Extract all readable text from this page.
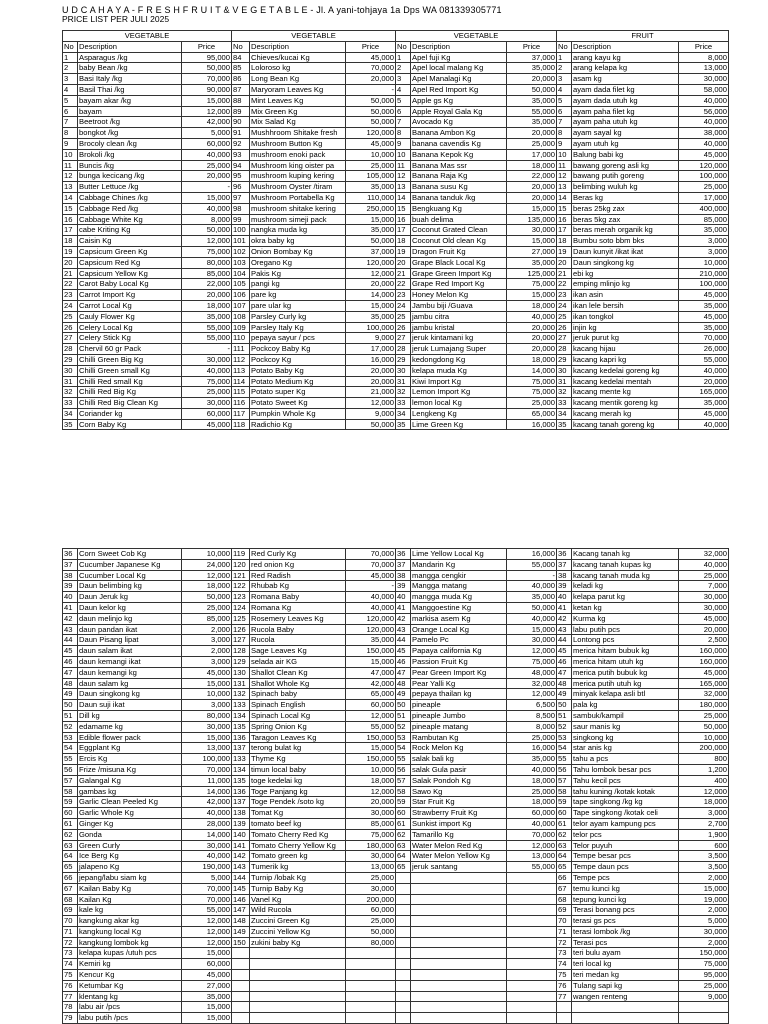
U D C A H A Y A - F R E S H F R U I T & V E G E T A B L E - Jl. A yani-tohjaya 1a Dps WA 081339305771
PRICE LIST PER JULI 2025
VEGETABLE			VEGETABLE			VEGETABLE			FRUIT		
No	Description	Price	No	Description	Price	No	Description	Price	No	Description	Price
1	Asparagus /kg	95,000	84	Chieves/kucai Kg	45,000	1	Apel fuji Kg	37,000	1	arang kayu kg	8,000
2	baby Bean /kg	50,000	85	Loloroso kg	70,000	2	Apel local malang Kg	35,000	2	arang kelapa kg	13,000
3	Basi Italy /kg	70,000	86	Long Bean Kg	20,000	3	Apel Manalagi Kg	20,000	3	asam kg	30,000
4	Basil Thai /kg	90,000	87	Maryoram Leaves Kg	-	4	Apel Red Import Kg	50,000	4	ayam dada filet kg	58,000
5	bayam akar /kg	15,000	88	Mint Leaves Kg	50,000	5	Apple gs Kg	35,000	5	ayam dada utuh kg	40,000
6	bayam	12,000	89	Mix Green Kg	50,000	6	Apple Royal Gala Kg	55,000	6	ayam paha filet kg	56,000
7	Beetroot /kg	42,000	90	Mix Salad Kg	50,000	7	Avocado Kg	35,000	7	ayam paha utuh kg	40,000
8	bongkot /kg	5,000	91	Mushhroom Shitake fresh	120,000	8	Banana Ambon Kg	20,000	8	ayam sayal kg	38,000
9	Brocoly clean /kg	60,000	92	Mushroom Button Kg	45,000	9	banana cavendis Kg	25,000	9	ayam utuh kg	40,000
10	Brokoli /kg	40,000	93	mushroom enoki pack	10,000	10	Banana Kepok Kg	17,000	10	Balung babi kg	45,000
11	Buncis /kg	25,000	94	Mushroom king oister pa	25,000	11	Banana Mas ssr	18,000	11	bawang goreng asli kg	120,000
12	bunga kecicang /kg	20,000	95	mushroom kuping kering	105,000	12	Banana Raja Kg	22,000	12	bawang putih goreng	100,000
13	Butter Lettuce /kg	-	96	Mushroom Oyster /tiram	35,000	13	Banana susu Kg	20,000	13	belimbing wuluh kg	25,000
14	Cabbage Chines /kg	15,000	97	Mushroom Portabella Kg	110,000	14	Banana tanduk /kg	20,000	14	Beras kg	17,000
15	Cabbage Red /kg	40,000	98	mushroom shitake kering	250,000	15	Bengkuang Kg	15,000	15	beras 25kg zax	400,000
16	Cabbage White Kg	8,000	99	mushroom simeji pack	15,000	16	buah delima	135,000	16	beras 5kg zax	85,000
17	cabe Kriting Kg	50,000	100	nangka muda kg	35,000	17	Coconut Grated Clean	30,000	17	beras merah organik kg	35,000
18	Caisin Kg	12,000	101	okra baby kg	50,000	18	Coconut Old clean Kg	15,000	18	Bumbu soto bbm bks	3,000
19	Capsicum Green Kg	75,000	102	Onion Bombay Kg	37,000	19	Dragon Fruit Kg	27,000	19	Daun kunyit /ikat ikat	3,000
20	Capsicum Red Kg	80,000	103	Oregano Kg	120,000	20	Grape Black Local Kg	35,000	20	Daun singkong kg	10,000
21	Capsicum Yellow Kg	85,000	104	Pakis Kg	12,000	21	Grape Green Import Kg	125,000	21	ebi kg	210,000
22	Carot Baby Local Kg	22,000	105	pangi kg	20,000	22	Grape Red Import Kg	75,000	22	emping mlinjo kg	100,000
23	Carrot Import Kg	20,000	106	pare kg	14,000	23	Honey Melon Kg	15,000	23	ikan asin	45,000
24	Carrot Local Kg	18,000	107	pare ular kg	15,000	24	Jambu biji /Guava	18,000	24	ikan lele bersih	35,000
25	Cauly Flower Kg	35,000	108	Parsley Curly kg	35,000	25	jambu citra	40,000	25	ikan tongkol	45,000
26	Celery Local Kg	55,000	109	Parsley Italy Kg	100,000	26	jambu kristal	20,000	26	injin kg	35,000
27	Celery Stick Kg	55,000	110	pepaya sayur / pcs	9,000	27	jeruk kintamani kg	20,000	27	jeruk purut kg	70,000
28	Chervil 60 gr Pack	-	111	Pockcoy Baby Kg	17,000	28	jeruk Lumajang Super	20,000	28	kacang hijau	26,000
29	Chilli Green Big Kg	30,000	112	Pockcoy Kg	16,000	29	kedongdong Kg	18,000	29	kacang kapri kg	55,000
30	Chilli Green small Kg	40,000	113	Potato Baby Kg	20,000	30	kelapa muda Kg	14,000	30	kacang kedelai goreng kg	40,000
31	Chilli Red small Kg	75,000	114	Potato Medium Kg	20,000	31	Kiwi Import Kg	75,000	31	kacang kedelai mentah	20,000
32	Chilli Red Big Kg	25,000	115	Potato super Kg	21,000	32	Lemon Import Kg	75,000	32	kacang mente kg	165,000
33	Chilli Red Big Clean Kg	30,000	116	Potato Sweet Kg	12,000	33	lemon local Kg	25,000	33	kacang mentik goreng kg	35,000
34	Coriander kg	60,000	117	Pumpkin Whole Kg	9,000	34	Lengkeng Kg	65,000	34	kacang merah kg	45,000
35	Corn Baby Kg	45,000	118	Radichio Kg	50,000	35	Lime Green Kg	16,000	35	kacang tanah goreng kg	40,000
36	Corn Sweet Cob Kg	10,000	119	Red Curly Kg	70,000	36	Lime Yellow Local Kg	16,000	36	Kacang tanah kg	32,000
37	Cucumber Japanese Kg	24,000	120	red onion Kg	70,000	37	Mandarin Kg	55,000	37	kacang tanah kupas kg	40,000
38	Cucumber Local Kg	12,000	121	Red Radish	45,000	38	mangga cengkir	-	38	kacang tanah muda kg	25,000
39	Daun belimbing kg	18,000	122	Rhubab Kg	-	39	Mangga matang	40,000	39	keladi kg	7,000
40	Daun Jeruk kg	50,000	123	Romana Baby	40,000	40	mangga muda Kg	35,000	40	kelapa parut kg	30,000
41	Daun kelor kg	25,000	124	Romana Kg	40,000	41	Manggoestine Kg	50,000	41	ketan kg	30,000
42	daun melinjo kg	85,000	125	Rosemery Leaves Kg	120,000	42	markisa asem Kg	40,000	42	Kurma kg	45,000
43	daun pandan ikat	2,000	126	Rucola Baby	120,000	43	Orange Local Kg	15,000	43	labu putih pcs	20,000
44	Daun Pisang lipat	3,000	127	Rucola	35,000	44	Pamelo Pc	30,000	44	Lontong pcs	2,500
45	daun salam ikat	2,000	128	Sage Leaves Kg	150,000	45	Papaya california Kg	12,000	45	merica hitam bubuk kg	160,000
46	daun kemangi ikat	3,000	129	selada air KG	15,000	46	Passion Fruit Kg	75,000	46	merica hitam utuh kg	160,000
47	daun kemangi kg	45,000	130	Shallot Clean Kg	47,000	47	Pear Green Import Kg	48,000	47	merica putih bubuk kg	45,000
48	daun salam kg	15,000	131	Shallot Whole Kg	42,000	48	Pear Yalli Kg	32,000	48	merica putih utuh kg	165,000
49	Daun singkong kg	10,000	132	Spinach baby	65,000	49	pepaya thailan kg	12,000	49	minyak kelapa asli btl	32,000
50	Daun suji ikat	3,000	133	Spinach English	60,000	50	pineaple	6,500	50	pala kg	180,000
51	Dill kg	80,000	134	Spinach Local Kg	12,000	51	pineaple Jumbo	8,500	51	sambuk/kampil	25,000
52	edamame kg	30,000	135	Spring Onion Kg	55,000	52	pineaple matang	8,000	52	saur manis kg	50,000
53	Edible flower pack	15,000	136	Taragon Leaves Kg	150,000	53	Rambutan Kg	25,000	53	singkong kg	10,000
54	Eggplant Kg	13,000	137	terong bulat kg	15,000	54	Rock Melon Kg	16,000	54	star anis kg	200,000
55	Ercis Kg	100,000	133	Thyme Kg	150,000	55	salak bali kg	35,000	55	tahu a pcs	800
56	Frize /misuna Kg	70,000	134	timun local baby	10,000	56	salak Gula pasir	40,000	56	Tahu lombok besar pcs	1,200
57	Galangal Kg	11,000	135	toge kedelai kg	18,000	57	Salak Pondoh Kg	18,000	57	Tahu kecil pcs	400
58	gambas kg	14,000	136	Toge Panjang kg	12,000	58	Sawo Kg	25,000	58	tahu kuning /kotak kotak	12,000
59	Garlic Clean Peeled Kg	42,000	137	Toge Pendek /soto kg	20,000	59	Star Fruit Kg	18,000	59	tape singkong /kg kg	18,000
60	Garlic Whole Kg	40,000	138	Tomat Kg	30,000	60	Strawberry Fruit Kg	60,000	60	Tape singkong /kotak celi	3,000
61	Ginger Kg	28,000	139	tomato beef kg	85,000	61	Sunkist import Kg	40,000	61	telor ayam kampung pcs	2,700
62	Gonda	14,000	140	Tomato Cherry Red Kg	75,000	62	Tamarillo Kg	70,000	62	telor pcs	1,900
63	Green Curly	30,000	141	Tomato Cherry Yellow Kg	180,000	63	Water Melon Red Kg	12,000	63	Telor puyuh	600
64	Ice Berg Kg	40,000	142	Tomato green kg	30,000	64	Water Melon Yellow Kg	13,000	64	Tempe besar pcs	3,500
65	jalapeno Kg	190,000	143	Tumerik kg	13,000	65	jeruk santang	55,000	65	Tempe daun pcs	3,500
66	jepang/labu siam kg	5,000	144	Turnip /lobak Kg	25,000				66	Tempe pcs	2,000
67	Kailan Baby Kg	70,000	145	Turnip Baby Kg	30,000				67	temu kunci kg	15,000
68	Kailan Kg	70,000	146	Vanel Kg	200,000				68	tepung kunci kg	19,000
69	kale kg	55,000	147	Wild Rucola	60,000				69	Terasi bonang pcs	2,000
70	kangkung akar kg	12,000	148	Zuccini Green Kg	25,000				70	terasi gs pcs	5,000
71	kangkung local Kg	12,000	149	Zuccini Yellow Kg	50,000				71	terasi lombok /kg	30,000
72	kangkung lombok kg	12,000	150	zukini baby Kg	80,000				72	Terasi pcs	2,000
73	kelapa kupas /utuh pcs	15,000							73	teri bulu ayam	150,000
74	Kemiri kg	60,000							74	teri local kg	75,000
75	Kencur Kg	45,000							75	teri medan kg	95,000
76	Ketumbar Kg	27,000							76	Tulang sapi kg	25,000
77	klentang kg	35,000							77	wangen renteng	9,000
78	labu air /pcs	15,000									
79	labu putih /pcs	15,000									
